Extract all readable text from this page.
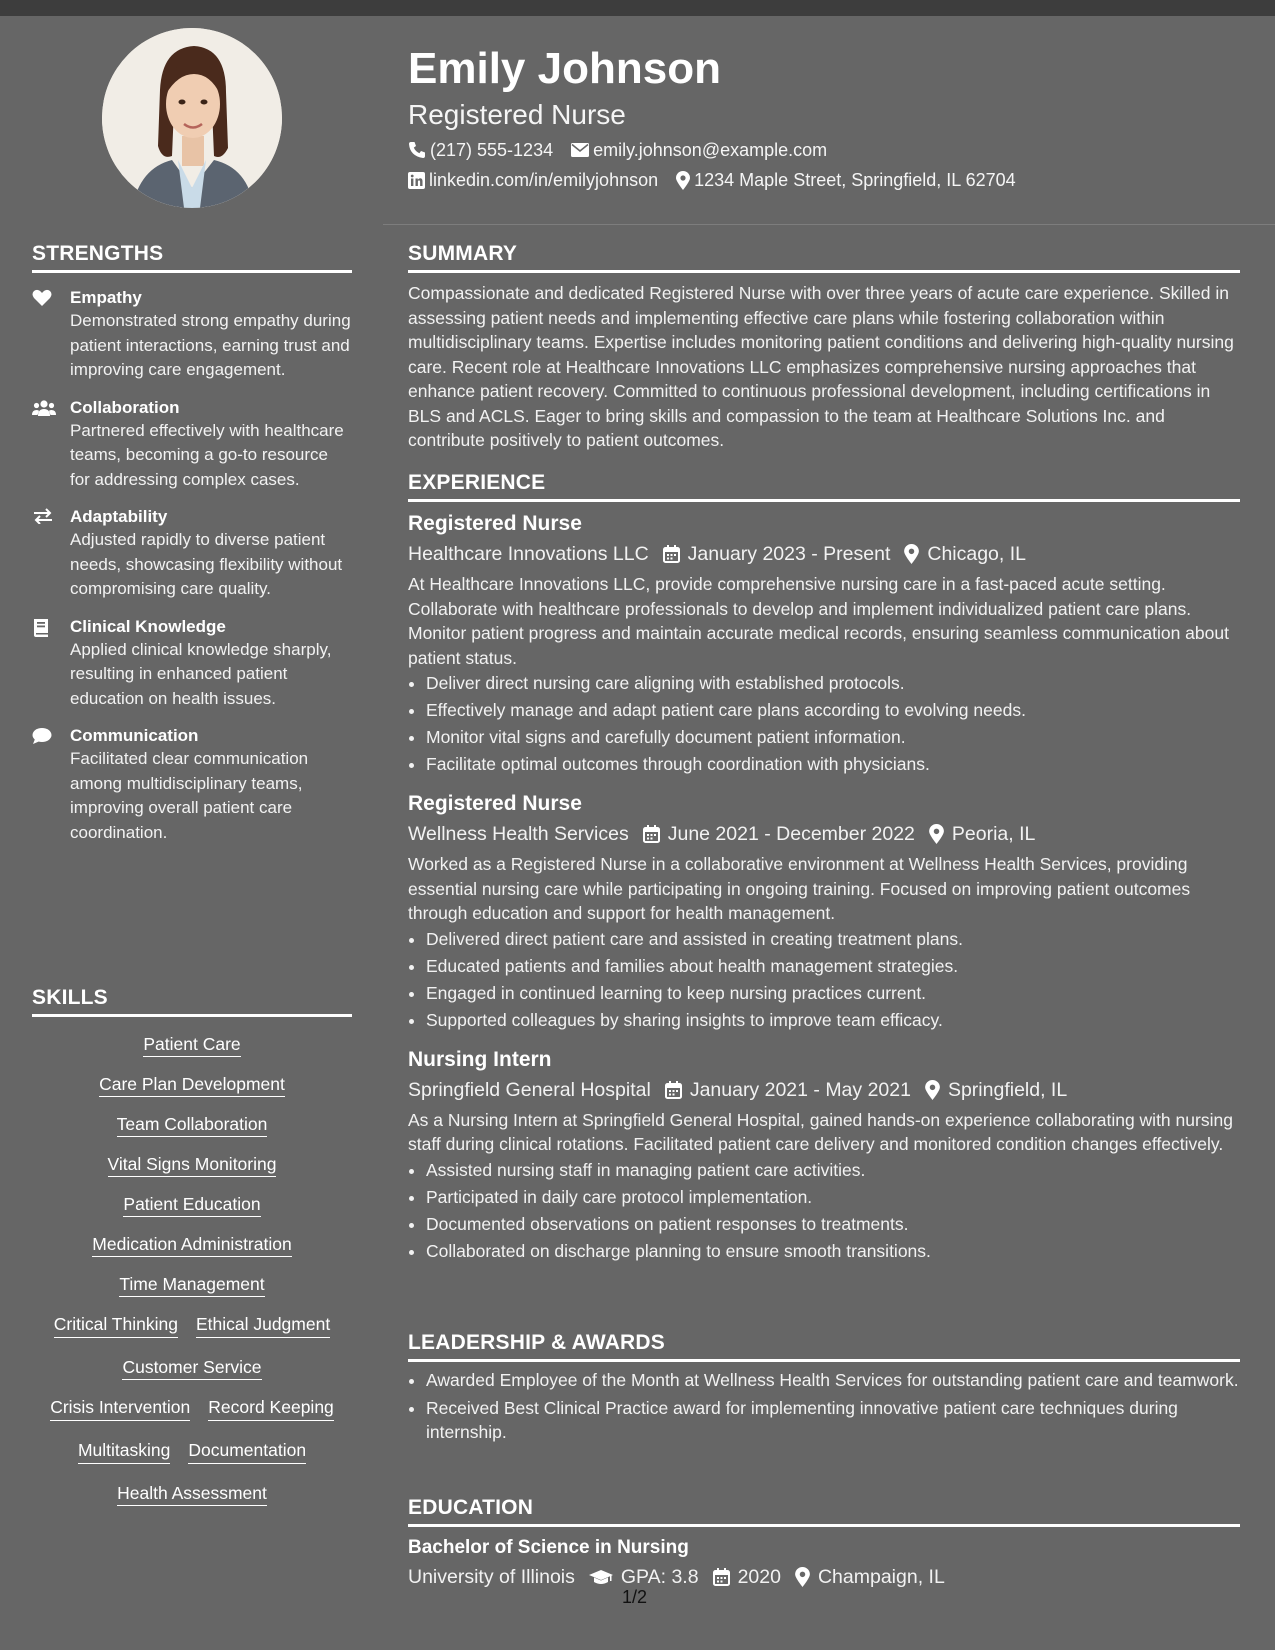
STRENGTHS
Empathy
Demonstrated strong empathy during patient interactions, earning trust and improving care engagement.
Collaboration
Partnered effectively with healthcare teams, becoming a go-to resource for addressing complex cases.
Adaptability
Adjusted rapidly to diverse patient needs, showcasing flexibility without compromising care quality.
Clinical Knowledge
Applied clinical knowledge sharply, resulting in enhanced patient education on health issues.
Communication
Facilitated clear communication among multidisciplinary teams, improving overall patient care coordination.
SKILLS
Patient Care
Care Plan Development
Team Collaboration
Vital Signs Monitoring
Patient Education
Medication Administration
Time Management
Critical Thinking Ethical Judgment
Customer Service
Crisis Intervention Record Keeping
Multitasking Documentation
Health Assessment
Emily Johnson
Registered Nurse
(217) 555-1234 emily.johnson@example.com
linkedin.com/in/emilyjohnson 1234 Maple Street, Springfield, IL 62704
SUMMARY
Compassionate and dedicated Registered Nurse with over three years of acute care experience. Skilled in assessing patient needs and implementing effective care plans while fostering collaboration within multidisciplinary teams. Expertise includes monitoring patient conditions and delivering high-quality nursing care. Recent role at Healthcare Innovations LLC emphasizes comprehensive nursing approaches that enhance patient recovery. Committed to continuous professional development, including certifications in BLS and ACLS. Eager to bring skills and compassion to the team at Healthcare Solutions Inc. and contribute positively to patient outcomes.
EXPERIENCE
Registered Nurse
Healthcare Innovations LLC January 2023 - Present Chicago, IL
At Healthcare Innovations LLC, provide comprehensive nursing care in a fast-paced acute setting. Collaborate with healthcare professionals to develop and implement individualized patient care plans. Monitor patient progress and maintain accurate medical records, ensuring seamless communication about patient status.
• Deliver direct nursing care aligning with established protocols.
• Effectively manage and adapt patient care plans according to evolving needs.
• Monitor vital signs and carefully document patient information.
• Facilitate optimal outcomes through coordination with physicians.
Registered Nurse
Wellness Health Services June 2021 - December 2022 Peoria, IL
Worked as a Registered Nurse in a collaborative environment at Wellness Health Services, providing essential nursing care while participating in ongoing training. Focused on improving patient outcomes through education and support for health management.
• Delivered direct patient care and assisted in creating treatment plans.
• Educated patients and families about health management strategies.
• Engaged in continued learning to keep nursing practices current.
• Supported colleagues by sharing insights to improve team efficacy.
Nursing Intern
Springfield General Hospital January 2021 - May 2021 Springfield, IL
As a Nursing Intern at Springfield General Hospital, gained hands-on experience collaborating with nursing staff during clinical rotations. Facilitated patient care delivery and monitored condition changes effectively.
• Assisted nursing staff in managing patient care activities.
• Participated in daily care protocol implementation.
• Documented observations on patient responses to treatments.
• Collaborated on discharge planning to ensure smooth transitions.
LEADERSHIP & AWARDS
• Awarded Employee of the Month at Wellness Health Services for outstanding patient care and teamwork.
• Received Best Clinical Practice award for implementing innovative patient care techniques during internship.
EDUCATION
Bachelor of Science in Nursing
University of Illinois GPA: 3.8 2020 Champaign, IL
1/2
